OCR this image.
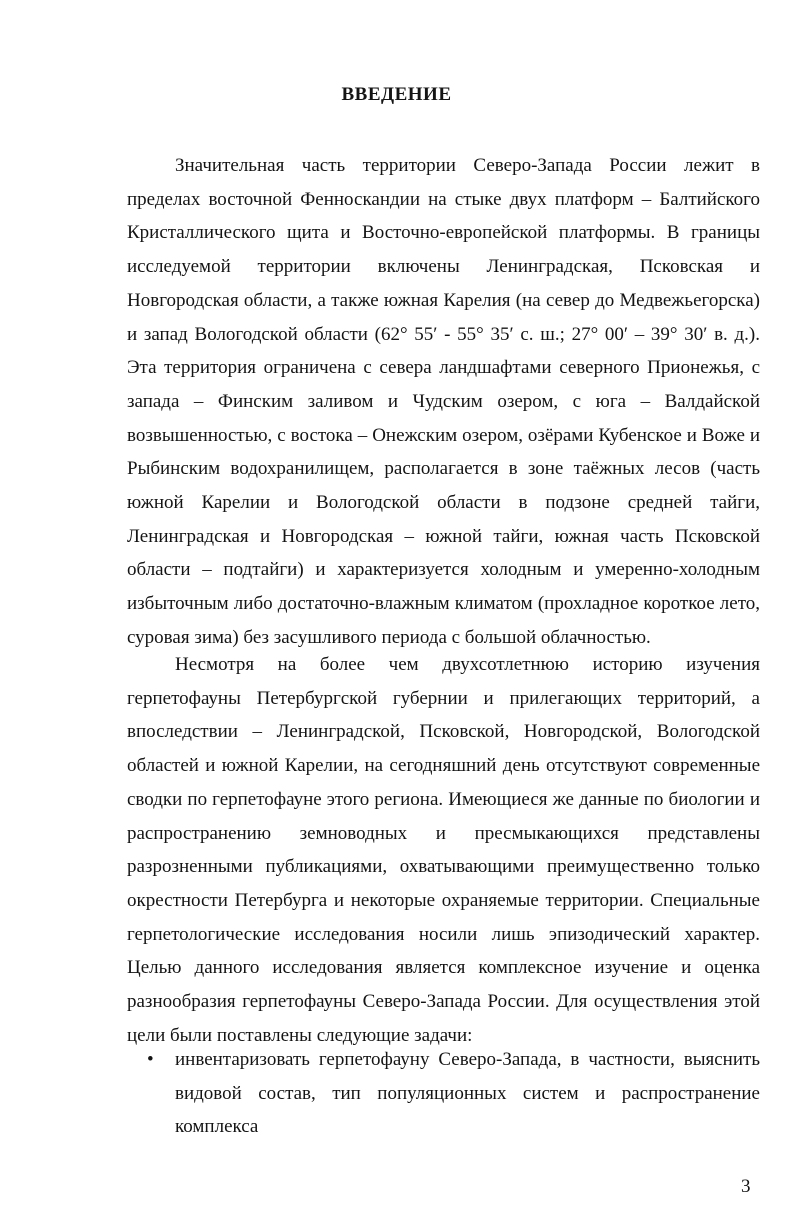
ВВЕДЕНИЕ

Значительная часть территории Северо-Запада России лежит в пределах восточной Фенноскандии на стыке двух платформ – Балтийского Кристаллического щита и Восточно-европейской платформы. В границы исследуемой территории включены Ленинградская, Псковская и Новгородская области, а также южная Карелия (на север до Медвежьегорска) и запад Вологодской области (62° 55′ - 55° 35′ с. ш.; 27° 00′ – 39° 30′ в. д.). Эта территория ограничена с севера ландшафтами северного Прионежья, с запада – Финским заливом и Чудским озером, с юга – Валдайской возвышенностью, с востока – Онежским озером, озёрами Кубенское и Воже и Рыбинским водохранилищем, располагается в зоне таёжных лесов (часть южной Карелии и Вологодской области в подзоне средней тайги, Ленинградская и Новгородская – южной тайги, южная часть Псковской области – подтайги) и характеризуется холодным и умеренно-холодным избыточным либо достаточно-влажным климатом (прохладное короткое лето, суровая зима) без засушливого периода с большой облачностью.

Несмотря на более чем двухсотлетнюю историю изучения герпетофауны Петербургской губернии и прилегающих территорий, а впоследствии – Ленинградской, Псковской, Новгородской, Вологодской областей и южной Карелии, на сегодняшний день отсутствуют современные сводки по герпетофауне этого региона. Имеющиеся же данные по биологии и распространению земноводных и пресмыкающихся представлены разрозненными публикациями, охватывающими преимущественно только окрестности Петербурга и некоторые охраняемые территории. Специальные герпетологические исследования носили лишь эпизодический характер. Целью данного исследования является комплексное изучение и оценка разнообразия герпетофауны Северо-Запада России. Для осуществления этой цели были поставлены следующие задачи:

• инвентаризовать герпетофауну Северо-Запада, в частности, выяснить видовой состав, тип популяционных систем и распространение комплекса
3
